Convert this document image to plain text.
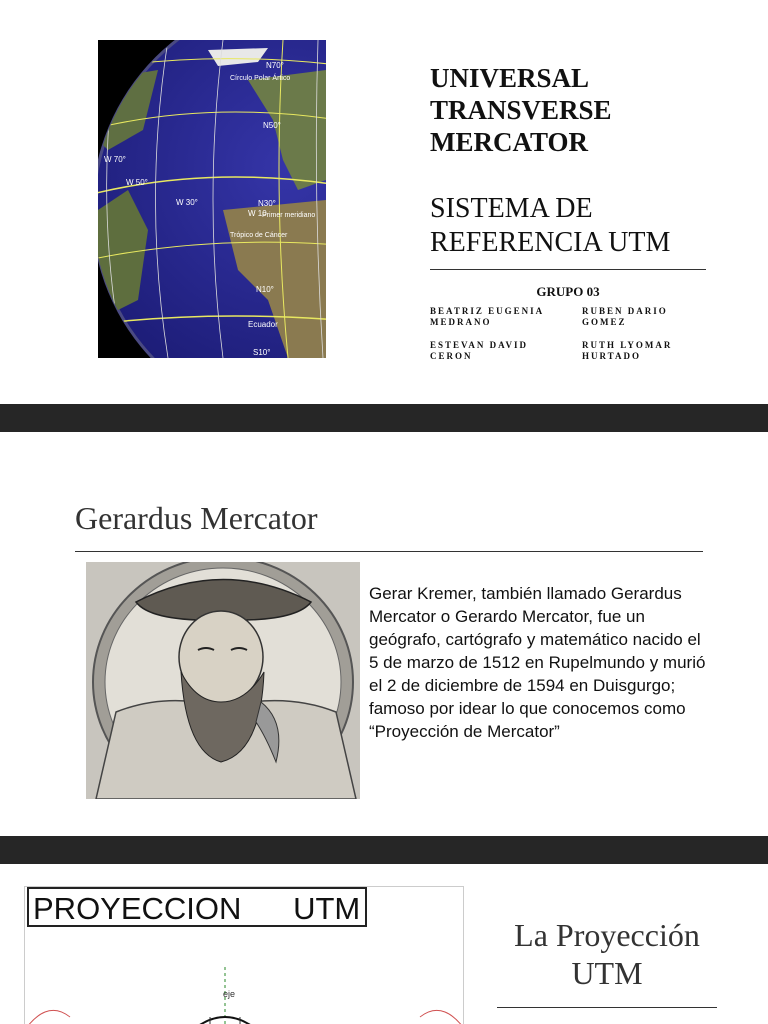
N70°
Círculo Polar Ártico
N50°
W 70°
W 50°
W 30°	N30°
W 10
Primer meridiano
Trópico de Cáncer
N10°
Ecuador
S10°
UNIVERSAL
TRANSVERSE
MERCATOR
SISTEMA DE
REFERENCIA UTM
GRUPO 03
BEATRIZ EUGENIA
MEDRANO
RUBEN DARIO
GOMEZ
ESTEVAN DAVID
CERON
RUTH LYOMAR
HURTADO
Gerardus Mercator
Gerar Kremer, también llamado Gerardus Mercator o Gerardo Mercator, fue un geógrafo, cartógrafo y matemático nacido el 5 de marzo de 1512 en Rupelmundo y murió el 2 de diciembre de 1594 en Duisgurgo; famoso por idear lo que conocemos como “Proyección de Mercator”
PROYECCION      UTM
eje
La Proyección
UTM
